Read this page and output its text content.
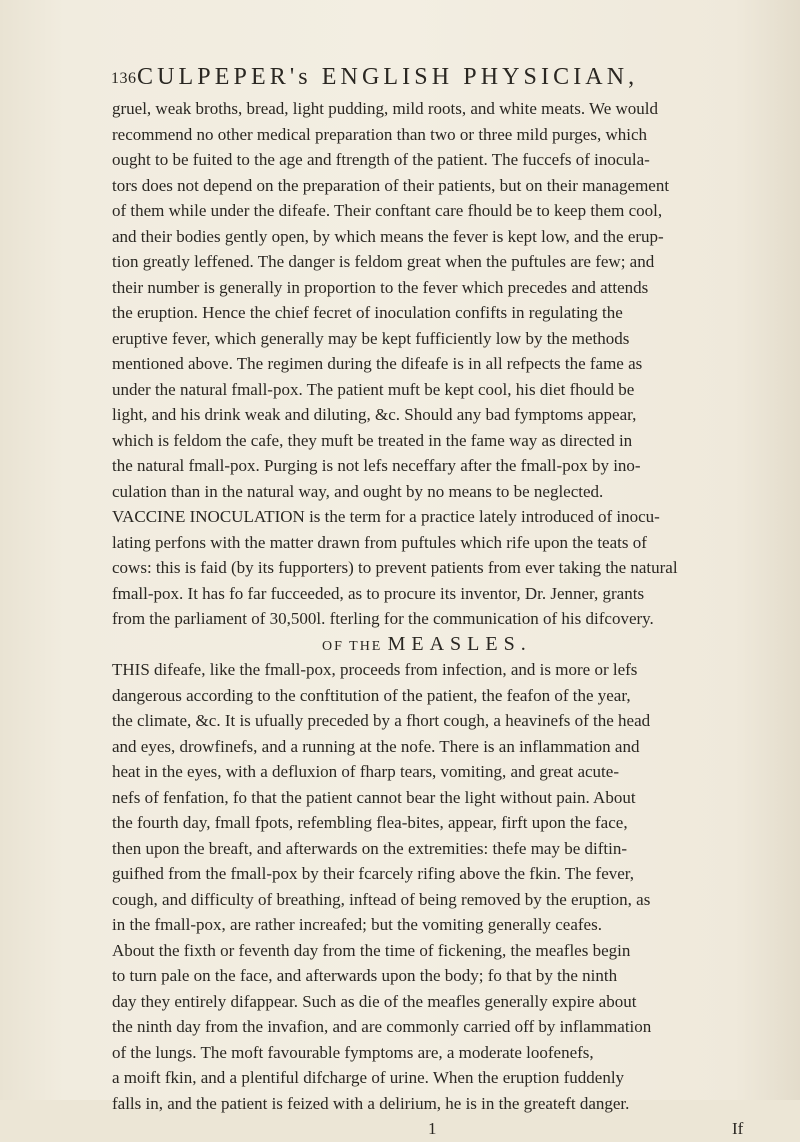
136 CULPEPER's ENGLISH PHYSICIAN,
gruel, weak broths, bread, light pudding, mild roots, and white meats. We would
recommend no other medical preparation than two or three mild purges, which
ought to be fuited to the age and ftrength of the patient. The fuccefs of inocula-
tors does not depend on the preparation of their patients, but on their management
of them while under the difeafe. Their conftant care fhould be to keep them cool,
and their bodies gently open, by which means the fever is kept low, and the erup-
tion greatly leffened. The danger is feldom great when the puftules are few; and
their number is generally in proportion to the fever which precedes and attends
the eruption. Hence the chief fecret of inoculation confifts in regulating the
eruptive fever, which generally may be kept fufficiently low by the methods
mentioned above. The regimen during the difeafe is in all refpects the fame as
under the natural fmall-pox. The patient muft be kept cool, his diet fhould be
light, and his drink weak and diluting, &c. Should any bad fymptoms appear,
which is feldom the cafe, they muft be treated in the fame way as directed in
the natural fmall-pox. Purging is not lefs neceffary after the fmall-pox by ino-
culation than in the natural way, and ought by no means to be neglected.
VACCINE INOCULATION is the term for a practice lately introduced of inocu-
lating perfons with the matter drawn from puftules which rife upon the teats of
cows: this is faid (by its fupporters) to prevent patients from ever taking the natural
fmall-pox. It has fo far fucceeded, as to procure its inventor, Dr. Jenner, grants
from the parliament of 30,500l. fterling for the communication of his difcovery.
OF THE MEASLES.
THIS difeafe, like the fmall-pox, proceeds from infection, and is more or lefs
dangerous according to the conftitution of the patient, the feafon of the year,
the climate, &c. It is ufually preceded by a fhort cough, a heavinefs of the head
and eyes, drowfinefs, and a running at the nofe. There is an inflammation and
heat in the eyes, with a defluxion of fharp tears, vomiting, and great acute-
nefs of fenfation, fo that the patient cannot bear the light without pain. About
the fourth day, fmall fpots, refembling flea-bites, appear, firft upon the face,
then upon the breaft, and afterwards on the extremities: thefe may be diftin-
guifhed from the fmall-pox by their fcarcely rifing above the fkin. The fever,
cough, and difficulty of breathing, inftead of being removed by the eruption, as
in the fmall-pox, are rather increafed; but the vomiting generally ceafes.
About the fixth or feventh day from the time of fickening, the meafles begin
to turn pale on the face, and afterwards upon the body; fo that by the ninth
day they entirely difappear. Such as die of the meafles generally expire about
the ninth day from the invafion, and are commonly carried off by inflammation
of the lungs. The moft favourable fymptoms are, a moderate loofenefs,
a moift fkin, and a plentiful difcharge of urine. When the eruption fuddenly
falls in, and the patient is feized with a delirium, he is in the greateft danger.
1	If
